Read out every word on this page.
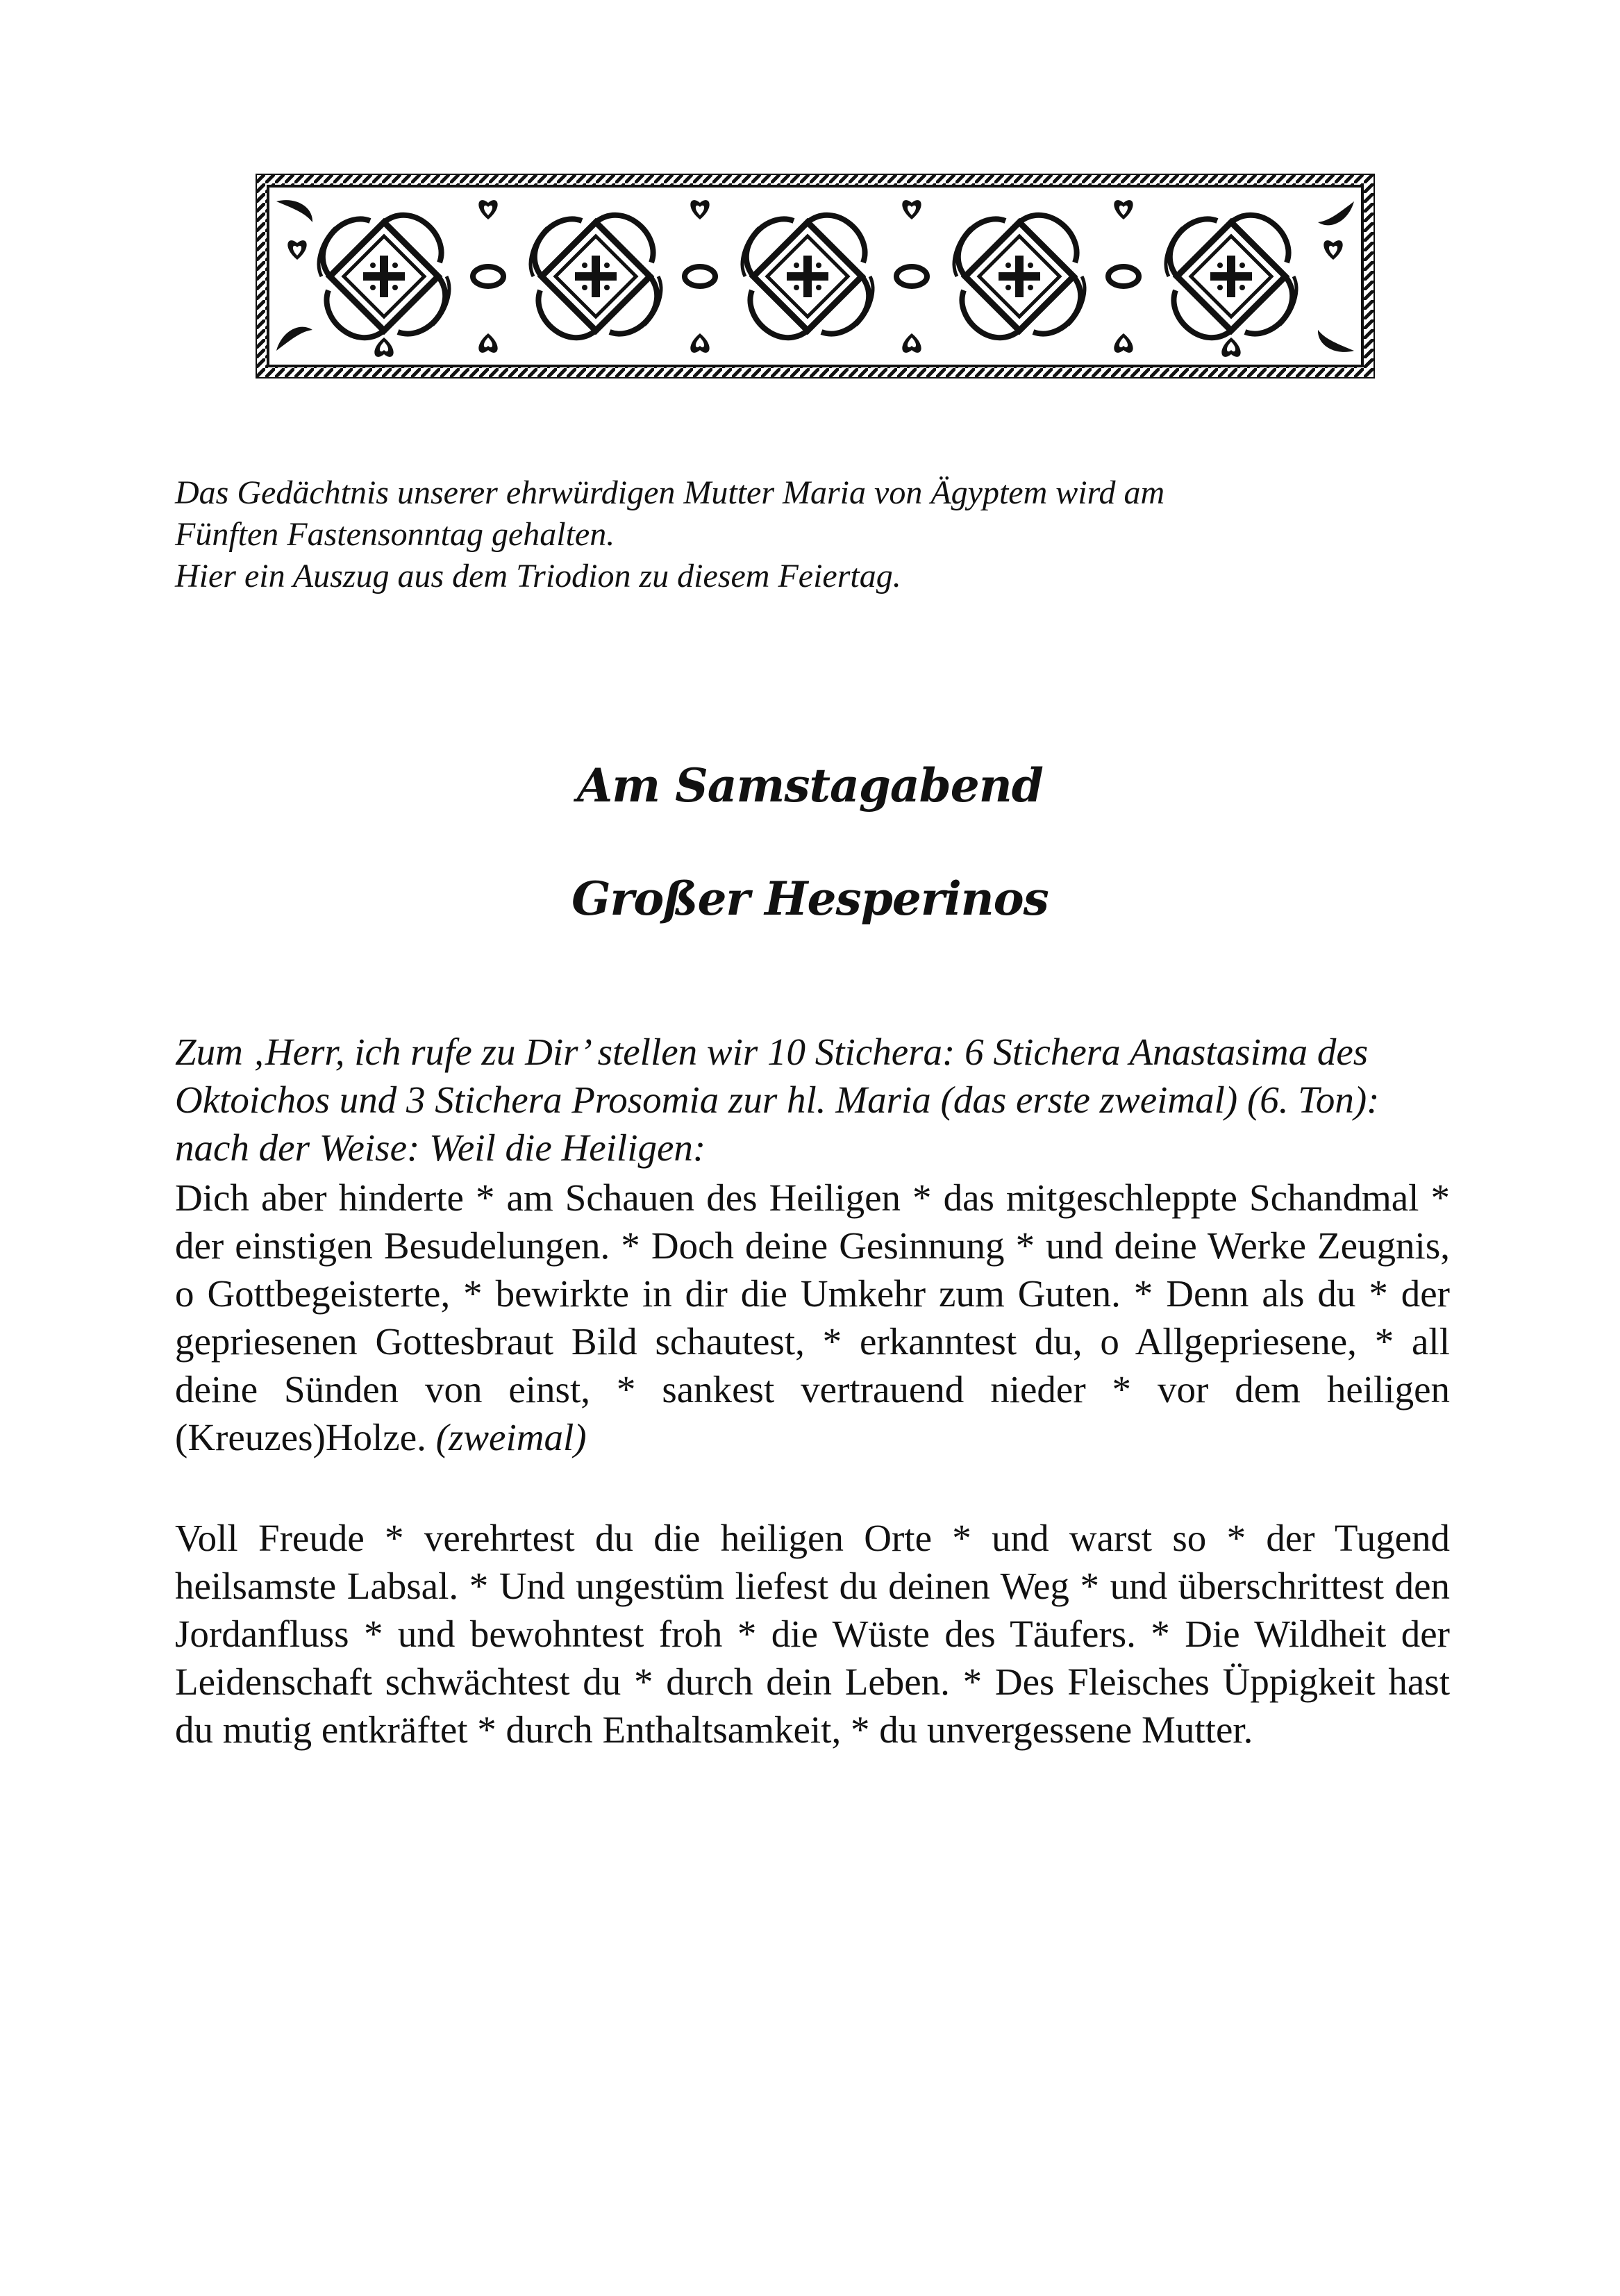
Das Gedächtnis unserer ehrwürdigen Mutter Maria von Ägyptem wird am

Fünften Fastensonntag gehalten.

Hier ein Auszug aus dem Triodion zu diesem Feiertag.

Am Samstagabend
Großer Hesperinos
Zum ‚Herr, ich rufe zu Dir’ stellen wir 10 Stichera: 6 Stichera Anastasima des Oktoichos und 3 Stichera Prosomia zur hl. Maria (das erste zweimal) (6. Ton): nach der Weise: Weil die Heiligen:
Dich aber hinderte * am Schauen des Heiligen * das mitgeschleppte Schandmal * der einstigen Besudelungen. * Doch deine Gesinnung * und deine Werke Zeugnis, o Gottbegeisterte, * bewirkte in dir die Umkehr zum Guten. * Denn als du * der gepriesenen Gottesbraut Bild schautest, * erkanntest du, o Allgepriesene, * all deine Sünden von einst, * sankest vertrauend nieder * vor dem heiligen (Kreuzes)Holze. (zweimal)
Voll Freude * verehrtest du die heiligen Orte * und warst so * der Tugend heilsamste Labsal. * Und ungestüm liefest du deinen Weg * und überschrittest den Jordanfluss * und bewohntest froh * die Wüste des Täufers. * Die Wildheit der Leidenschaft schwächtest du * durch dein Leben. * Des Fleisches Üppigkeit hast du mutig entkräftet * durch Enthaltsamkeit, * du unvergessene Mutter.
